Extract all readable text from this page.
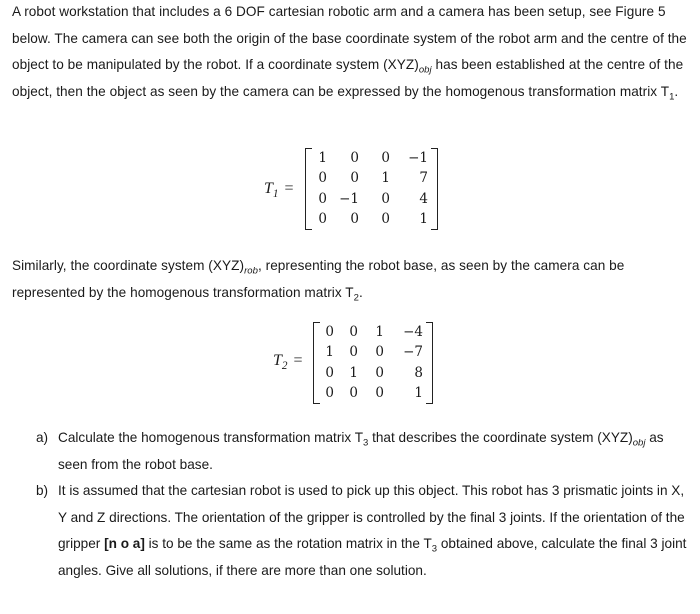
A robot workstation that includes a 6 DOF cartesian robotic arm and a camera has been setup, see Figure 5 below. The camera can see both the origin of the base coordinate system of the robot arm and the centre of the object to be manipulated by the robot. If a coordinate system $(XYZ)_{obj}$ has been established at the centre of the object, then the object as seen by the camera can be expressed by the homogenous transformation matrix $T_1$.
$T_1$ =
1	0	0	−1
0	0	1	7
0 −1	0	4
0	0	0	1
Similarly, the coordinate system $(XYZ)_{rob}$, representing the robot base, as seen by the camera can be represented by the homogenous transformation matrix $T_2$.
$T_2$ =
0	0	1	−4
1	0	0	−7
0	1	0	8
0	0	0	1
a) Calculate the homogenous transformation matrix $T_3$ that describes the coordinate system $(XYZ)_{obj}$ as seen from the robot base.
b) It is assumed that the cartesian robot is used to pick up this object. This robot has 3 prismatic joints in X, Y and Z directions. The orientation of the gripper is controlled by the final 3 joints. If the orientation of the gripper [n o a] is to be the same as the rotation matrix in the $T_3$ obtained above, calculate the final 3 joint angles. Give all solutions, if there are more than one solution.
